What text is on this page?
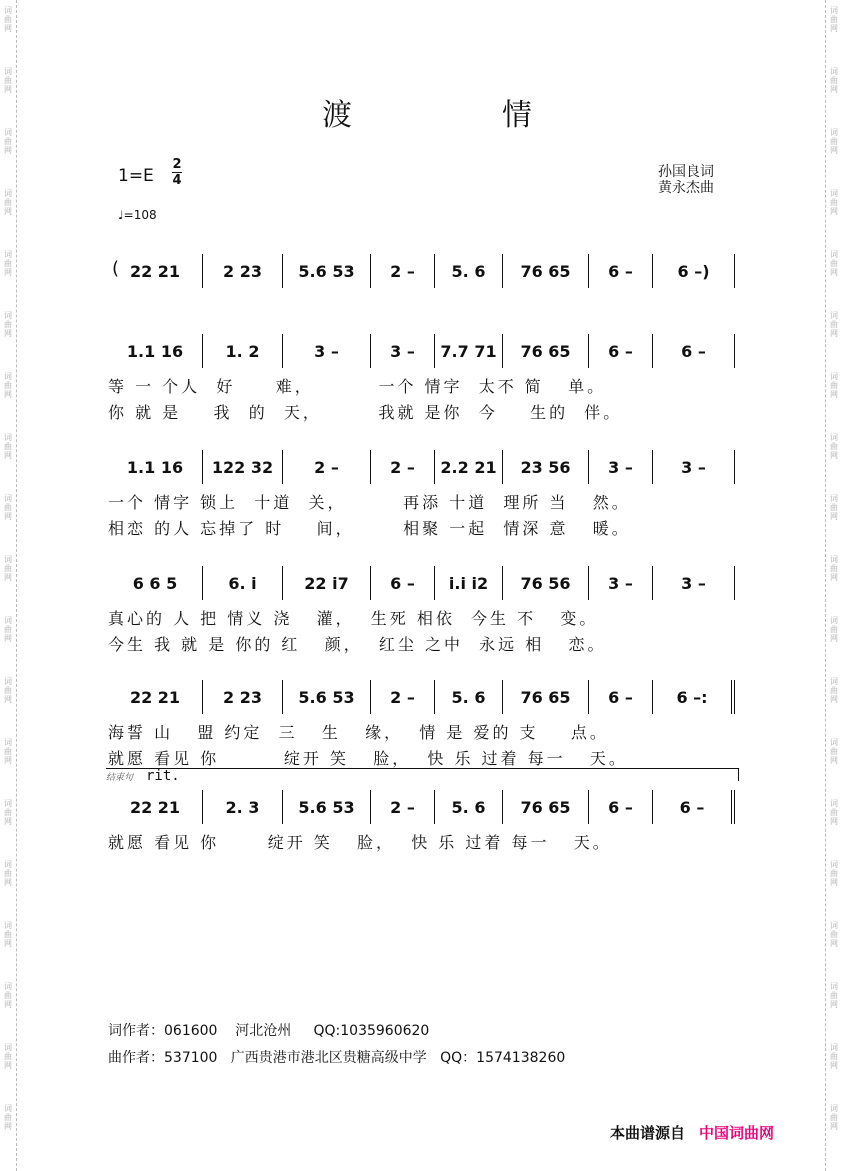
渡	情
1=E
2
4
孙国良词
黄永杰曲
♩=108
22 21	2 23 5.6 53 2 – 5. 6 76 65 6 –	6 –)
(
1.1 16	1. 2	3 –	3 – 7.7 71 76 65 6 –	6 –
等 一 个人  好     难，        一个 情字  太不 简   单。
你 就 是    我  的  天，       我就 是你  今    生的  伴。
1.1 16 122 32	2 –	2 – 2.2 21 23 56 3 –	3 –
一个 情字 锁上  十道  关，       再添 十道  理所 当   然。
相恋 的人 忘掉了 时    间，      相聚 一起  情深 意   暖。
6 6 5	6. i	22 i7	6 – i.i i2 76 56 3 –	3 –
真心的 人 把 情义 浇   灌，  生死 相依  今生 不   变。
今生 我 就 是 你的 红   颜，  红尘 之中  永远 相   恋。
22 21	2 23 5.6 53 2 – 5. 6 76 65 6 –	6 –:
海誓 山   盟 约定  三   生   缘，  情 是 爱的 支    点。
就愿 看见 你        绽开 笑   脸，  快 乐 过着 每一   天。
22 21	2. 3 5.6 53 2 – 5. 6 76 65 6 –	6 –
就愿 看见 你      绽开 笑   脸，  快 乐 过着 每一   天。
结束句 rit.
词作者：061600    河北沧州     QQ:1035960620
曲作者：537100   广西贵港市港北区贵糖高级中学   QQ：1574138260
本曲谱源自 中国词曲网
词
曲
网
词
曲
网
词
曲
网
词
曲
网
词
曲
网
词
曲
网
词
曲
网
词
曲
网
词
曲
网
词
曲
网
词
曲
网
词
曲
网
词
曲
网
词
曲
网
词
曲
网
词
曲
网
词
曲
网
词
曲
网
词
曲
网
词
曲
网
词
曲
网
词
曲
网
词
曲
网
词
曲
网
词
曲
网
词
曲
网
词
曲
网
词
曲
网
词
曲
网
词
曲
网
词
曲
网
词
曲
网
词
曲
网
词
曲
网
词
曲
网
词
曲
网
词
曲
网
词
曲
网
